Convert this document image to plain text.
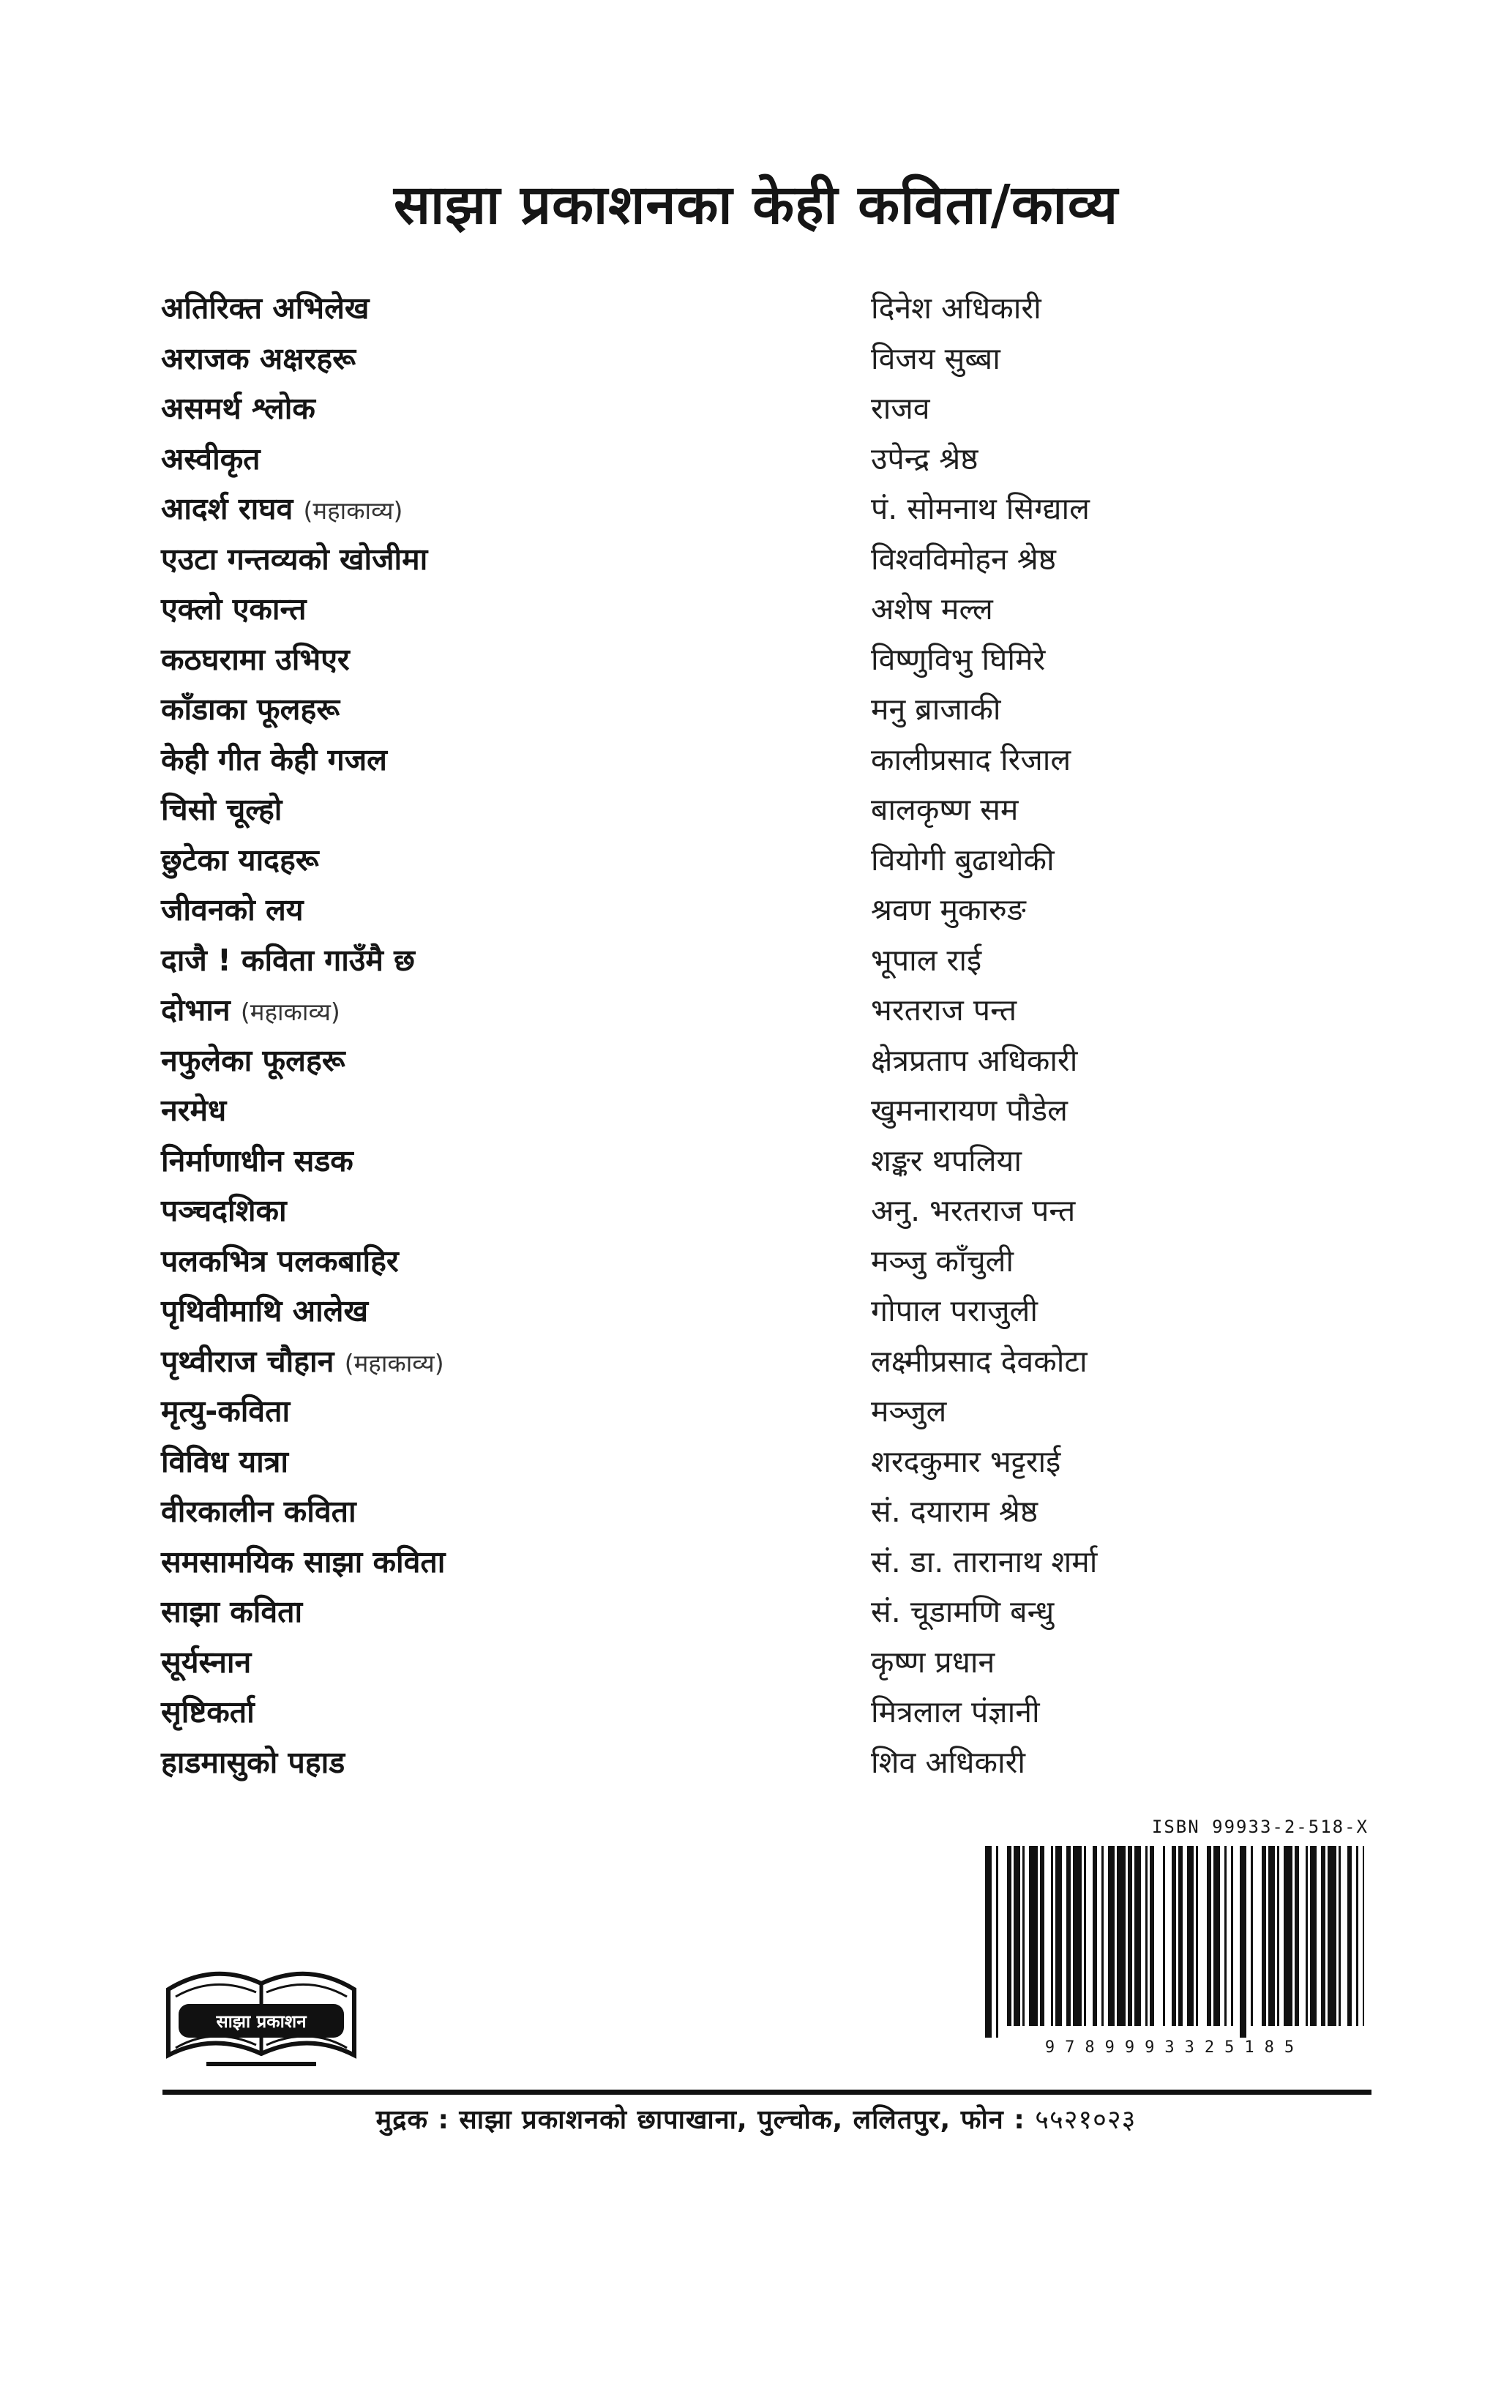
साझा प्रकाशनका केही कविता/काव्य
अतिरिक्त अभिलेख	दिनेश अधिकारी
अराजक अक्षरहरू	विजय सुब्बा
असमर्थ श्लोक	राजव
अस्वीकृत	उपेन्द्र श्रेष्ठ
आदर्श राघव (महाकाव्य)	पं. सोमनाथ सिग्द्याल
एउटा गन्तव्यको खोजीमा	विश्वविमोहन श्रेष्ठ
एक्लो एकान्त	अशेष मल्ल
कठघरामा उभिएर	विष्णुविभु घिमिरे
काँडाका फूलहरू	मनु ब्राजाकी
केही गीत केही गजल	कालीप्रसाद रिजाल
चिसो चूल्हो	बालकृष्ण सम
छुटेका यादहरू	वियोगी बुढाथोकी
जीवनको लय	श्रवण मुकारुङ
दाजै ! कविता गाउँमै छ	भूपाल राई
दोभान (महाकाव्य)	भरतराज पन्त
नफुलेका फूलहरू	क्षेत्रप्रताप अधिकारी
नरमेध	खुमनारायण पौडेल
निर्माणाधीन सडक	शङ्कर थपलिया
पञ्चदशिका	अनु. भरतराज पन्त
पलकभित्र पलकबाहिर	मञ्जु काँचुली
पृथिवीमाथि आलेख	गोपाल पराजुली
पृथ्वीराज चौहान (महाकाव्य)	लक्ष्मीप्रसाद देवकोटा
मृत्यु-कविता	मञ्जुल
विविध यात्रा	शरदकुमार भट्टराई
वीरकालीन कविता	सं. दयाराम श्रेष्ठ
समसामयिक साझा कविता	सं. डा. तारानाथ शर्मा
साझा कविता	सं. चूडामणि बन्धु
सूर्यस्नान	कृष्ण प्रधान
सृष्टिकर्ता	मित्रलाल पंज्ञानी
हाडमासुको पहाड	शिव अधिकारी
ISBN 99933-2-518-X
9789993325185
साझा प्रकाशन
मुद्रक : साझा प्रकाशनको छापाखाना, पुल्चोक, ललितपुर, फोन : ५५२१०२३
